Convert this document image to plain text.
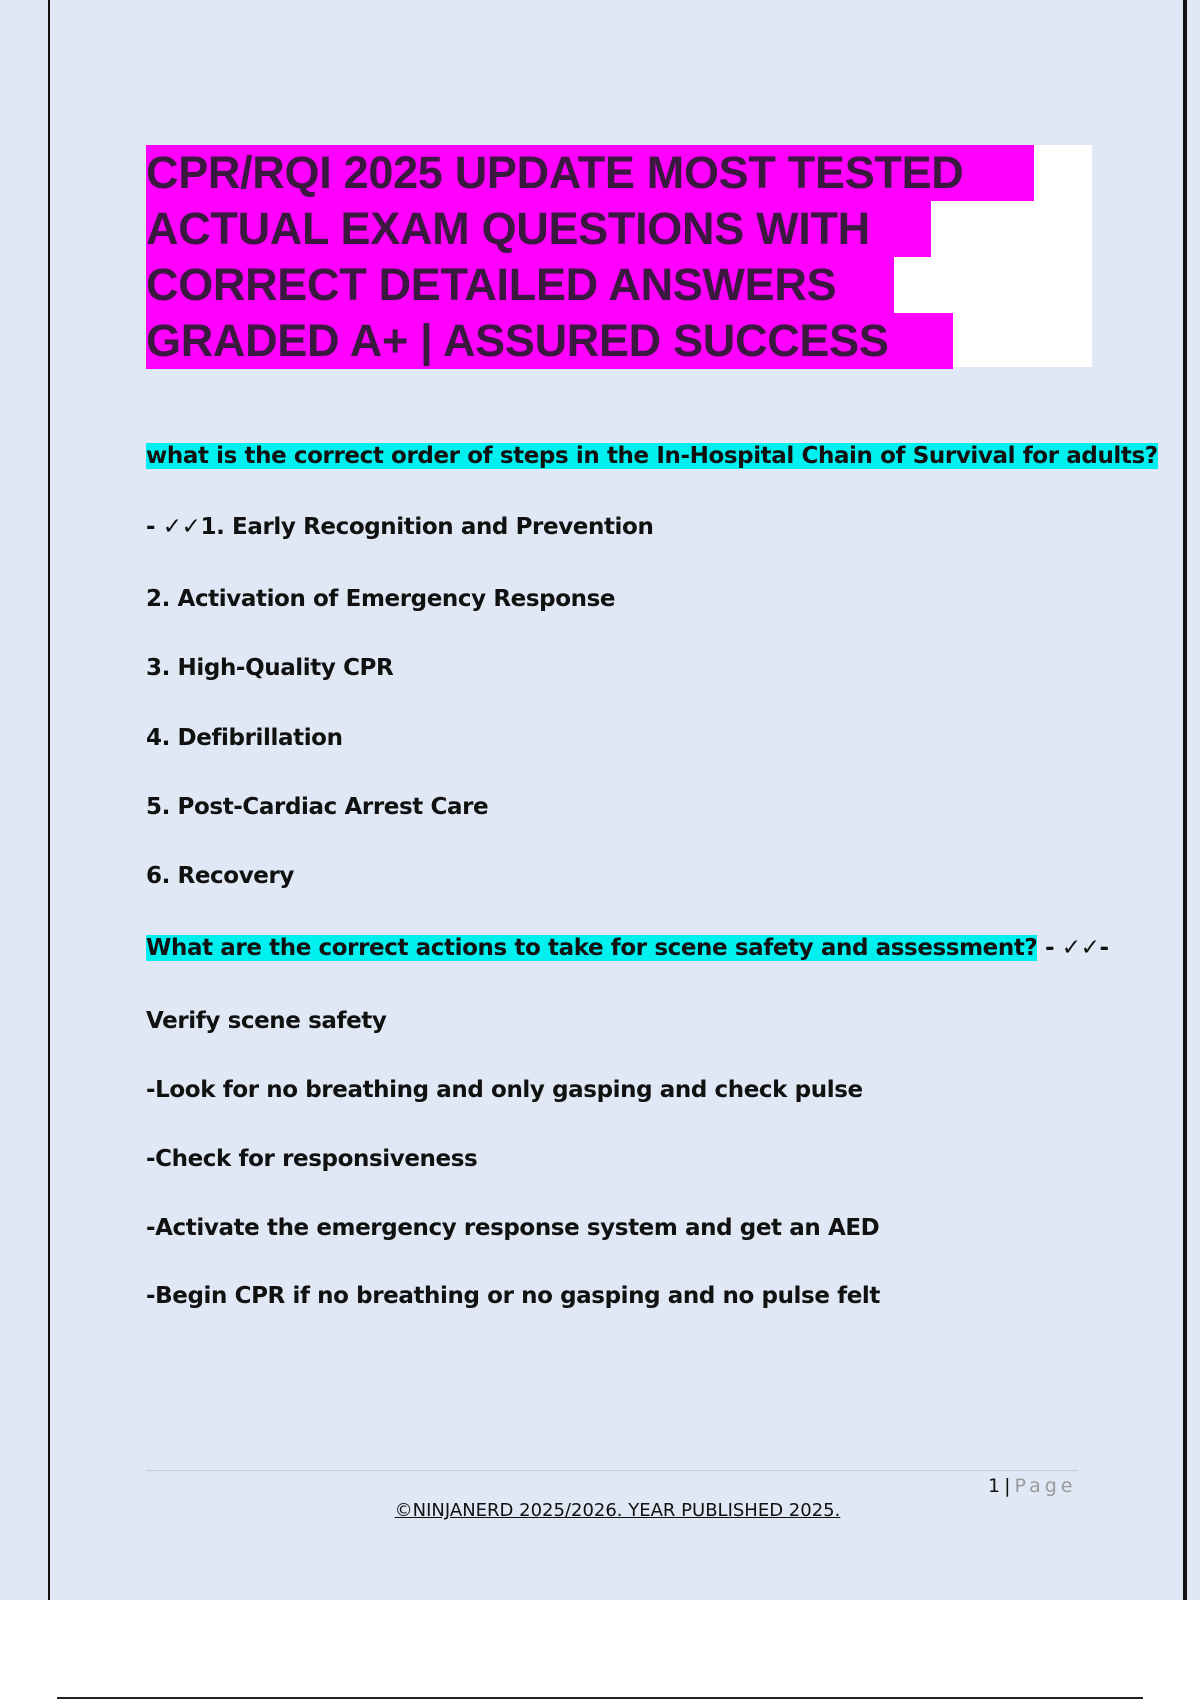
CPR/RQI 2025 UPDATE MOST TESTED
ACTUAL EXAM QUESTIONS WITH
CORRECT DETAILED ANSWERS
GRADED A+ | ASSURED SUCCESS
what is the correct order of steps in the In-Hospital Chain of Survival for adults?
- ✓✓1. Early Recognition and Prevention
2. Activation of Emergency Response
3. High-Quality CPR
4. Defibrillation
5. Post-Cardiac Arrest Care
6. Recovery
What are the correct actions to take for scene safety and assessment? - ✓✓-
Verify scene safety
-Look for no breathing and only gasping and check pulse
-Check for responsiveness
-Activate the emergency response system and get an AED
-Begin CPR if no breathing or no gasping and no pulse felt
1 | Page
©NINJANERD 2025/2026. YEAR PUBLISHED 2025.
